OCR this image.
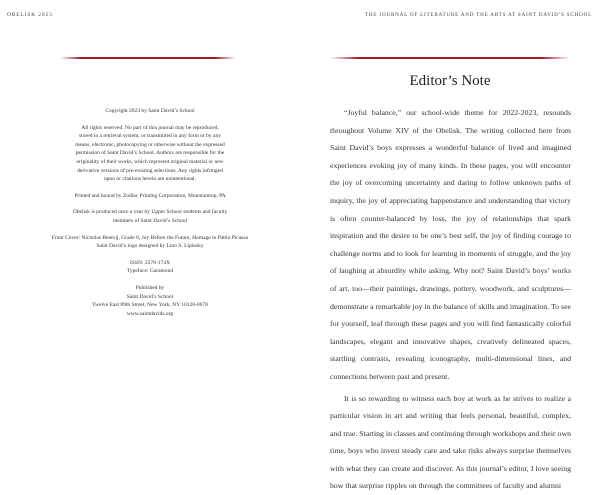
OBELISK 2023

Copyright 2023 by Saint David’s School

All rights reserved. No part of this journal may be reproduced, stored in a retrieval system, or transmitted in any form or by any means, electronic, photocopying or otherwise without the expressed permission of Saint David’s School. Authors are responsible for the originality of their works, which represent original material or new derivative versions of pre-existing selections. Any rights infringed upon or citations herein are unintentional.

Printed and bound by Zodiac Printing Corporation, Mountaintop, PA

Obelisk is produced once a year by Upper School students and faculty members of Saint David’s School

Front Cover: Nicholas Bentvij, Grade 8, Joy Before the Future, Homage to Pablo Picasso
Saint David’s logo designed by Lino S. Lipinsky

ISSN: 2578-174X
Typeface: Garamond

Published by
Saint David’s School
Twelve East 89th Street, New York, NY 10128-0678
www.saintdavids.org

THE JOURNAL OF LITERATURE AND THE ARTS AT SAINT DAVID’S SCHOOL
Editor’s Note

“Joyful balance,” our school-wide theme for 2022-2023, resounds throughout Volume XIV of the Obelisk. The writing collected here from Saint David’s boys expresses a wonderful balance of lived and imagined experiences evoking joy of many kinds. In these pages, you will encounter the joy of overcoming uncertainty and daring to follow unknown paths of inquiry, the joy of appreciating happenstance and understanding that victory is often counter-balanced by loss, the joy of relationships that spark inspiration and the desire to be one’s best self, the joy of finding courage to challenge norms and to look for learning in moments of struggle, and the joy of laughing at absurdity while asking, Why not? Saint David’s boys’ works of art, too—their paintings, drawings, pottery, woodwork, and sculptures—demonstrate a remarkable joy in the balance of skills and imagination. To see for yourself, leaf through these pages and you will find fantastically colorful landscapes, elegant and innovative shapes, creatively delineated spaces, startling contrasts, revealing iconography, multi-dimensional lines, and connections between past and present.

It is so rewarding to witness each boy at work as he strives to realize a particular vision in art and writing that feels personal, beautiful, complex, and true. Starting in classes and continuing through workshops and their own time, boys who invest steady care and take risks always surprise themselves with what they can create and discover. As this journal’s editor, I love seeing how that surprise ripples on through the committees of faculty and alumni
